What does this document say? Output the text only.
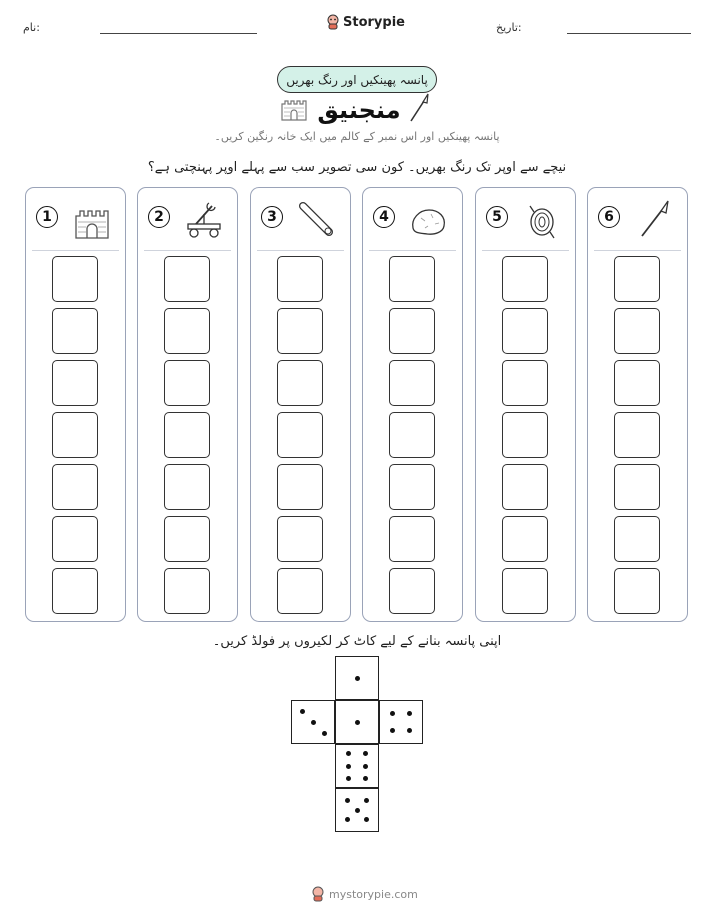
نام:	Storypie	تاریخ:
پانسہ پھینکیں اور رنگ بھریں
منجنیق
پانسہ پھینکیں اور اس نمبر کے کالم میں ایک خانہ رنگین کریں۔
نیچے سے اوپر تک رنگ بھریں۔ کون سی تصویر سب سے پہلے اوپر پہنچتی ہے؟
1	2	3	4	5	6
اپنی پانسہ بنانے کے لیے کاٹ کر لکیروں پر فولڈ کریں۔
mystorypie.com
